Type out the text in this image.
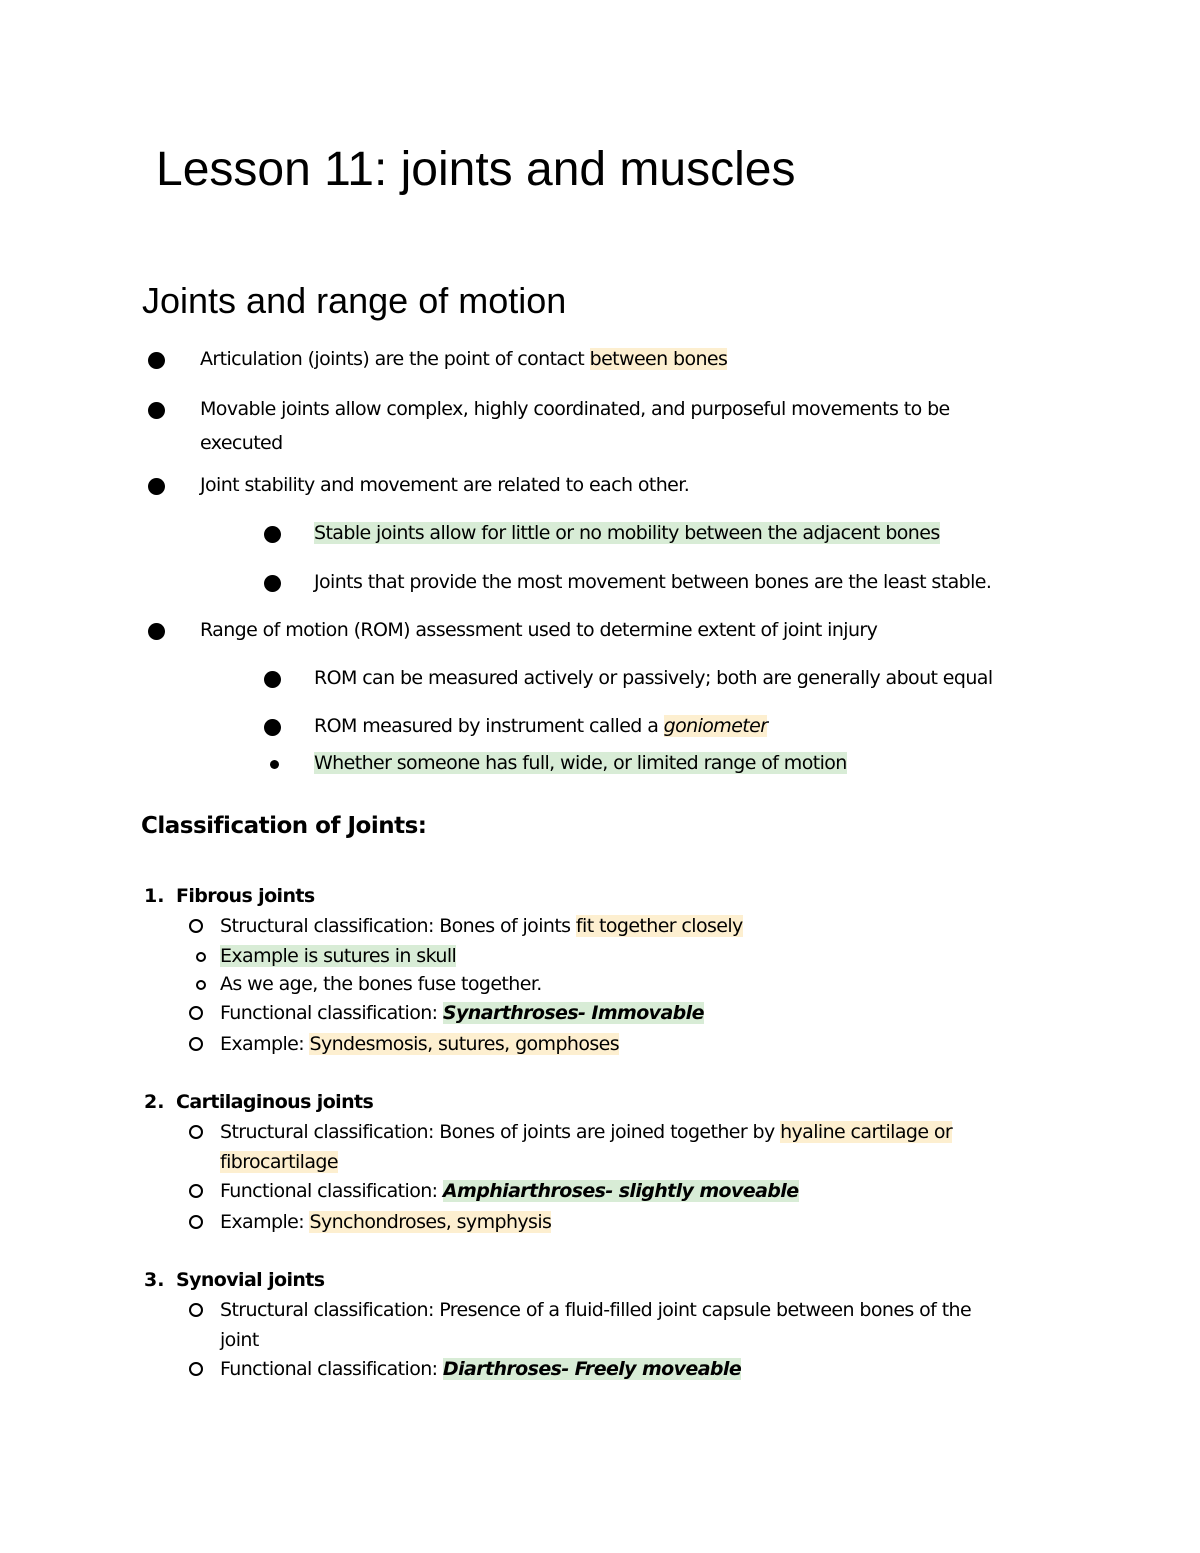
Lesson 11: joints and muscles
Joints and range of motion
Articulation (joints) are the point of contact between bones
Movable joints allow complex, highly coordinated, and purposeful movements to be
executed
Joint stability and movement are related to each other.
Stable joints allow for little or no mobility between the adjacent bones
Joints that provide the most movement between bones are the least stable.
Range of motion (ROM) assessment used to determine extent of joint injury
ROM can be measured actively or passively; both are generally about equal
ROM measured by instrument called a goniometer
Whether someone has full, wide, or limited range of motion
Classification of Joints:
1. Fibrous joints
Structural classification: Bones of joints fit together closely
Example is sutures in skull
As we age, the bones fuse together.
Functional classification: Synarthroses- Immovable
Example: Syndesmosis, sutures, gomphoses
2. Cartilaginous joints
Structural classification: Bones of joints are joined together by hyaline cartilage or
fibrocartilage
Functional classification: Amphiarthroses- slightly moveable
Example: Synchondroses, symphysis
3. Synovial joints
Structural classification: Presence of a fluid-filled joint capsule between bones of the
joint
Functional classification: Diarthroses- Freely moveable
